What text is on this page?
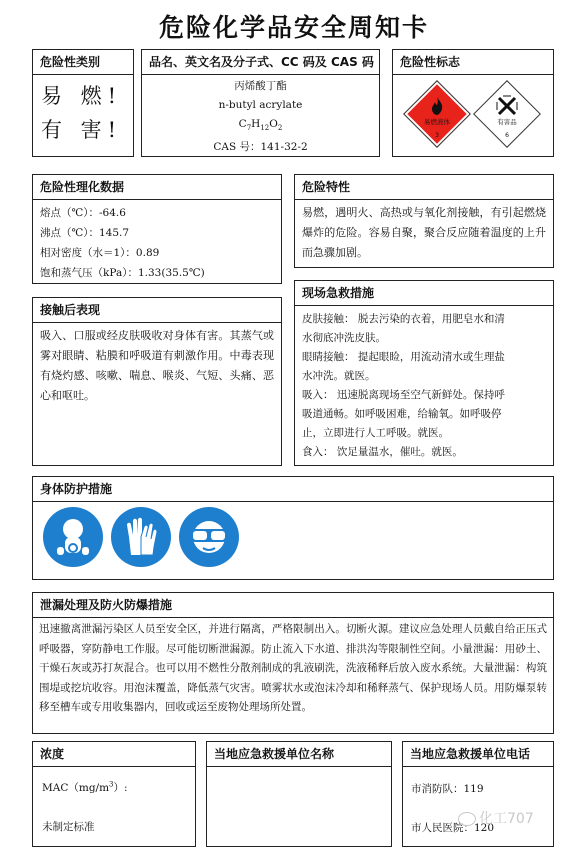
危险化学品安全周知卡
危险性类别
易 燃!
有 害!
品名、英文名及分子式、CC 码及 CAS 码
丙烯酸丁酯
n-butyl acrylate
$C_7H_{12}O_2$
CAS 号：141-32-2
危险性标志
易燃液体
3
有害品
6
危险性理化数据
熔点（℃）：-64.6
沸点（℃）：145.7
相对密度（水＝1）：0.89
饱和蒸气压（kPa）：1.33(35.5℃)
危险特性
易燃，遇明火、高热或与氧化剂接触，有引起燃烧爆炸的危险。容易自聚，聚合反应随着温度的上升而急骤加剧。
接触后表现
吸入、口服或经皮肤吸收对身体有害。其蒸气或雾对眼睛、粘膜和呼吸道有刺激作用。中毒表现有烧灼感、咳嗽、喘息、喉炎、气短、头痛、恶心和呕吐。
现场急救措施
皮肤接触： 脱去污染的衣着，用肥皂水和清
水彻底冲洗皮肤。
眼睛接触： 提起眼睑，用流动清水或生理盐
水冲洗。就医。
吸入： 迅速脱离现场至空气新鲜处。保持呼
吸道通畅。如呼吸困难，给输氧。如呼吸停
止，立即进行人工呼吸。就医。
食入： 饮足量温水，催吐。就医。
身体防护措施
泄漏处理及防火防爆措施
迅速撤离泄漏污染区人员至安全区，并进行隔离，严格限制出入。切断火源。建议应急处理人员戴自给正压式呼吸器，穿防静电工作服。尽可能切断泄漏源。防止流入下水道、排洪沟等限制性空间。小量泄漏：用砂土、干燥石灰或苏打灰混合。也可以用不燃性分散剂制成的乳液刷洗，洗液稀释后放入废水系统。大量泄漏：构筑围堤或挖坑收容。用泡沫覆盖，降低蒸气灾害。喷雾状水或泡沫冷却和稀释蒸气、保护现场人员。用防爆泵转移至槽车或专用收集器内，回收或运至废物处理场所处置。
浓度
$MAC(mg/m^3)$:
未制定标准
当地应急救援单位名称	当地应急救援单位电话
市消防队：119
市人民医院：120
化工707
